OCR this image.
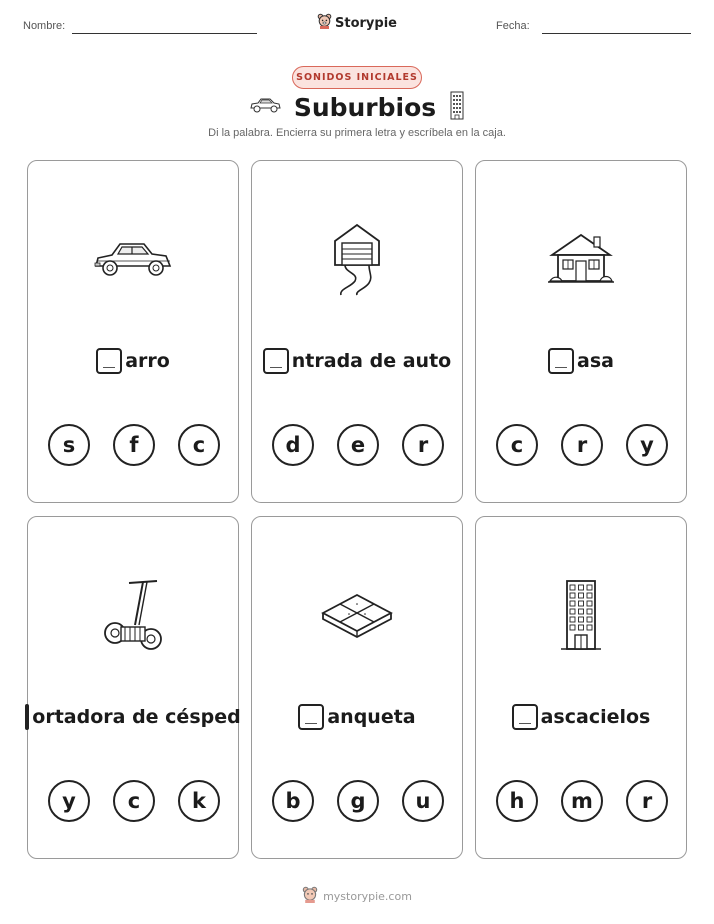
Nombre:	Storypie	Fecha:
SONIDOS INICIALES
Suburbios
Di la palabra. Encierra su primera letra y escríbela en la caja.
arro
s	f	c
ntrada de auto
d	e	r
asa
c	r	y
ortadora de césped
y	c	k
anqueta
b	g	u
ascacielos
h	m	r
mystorypie.com
